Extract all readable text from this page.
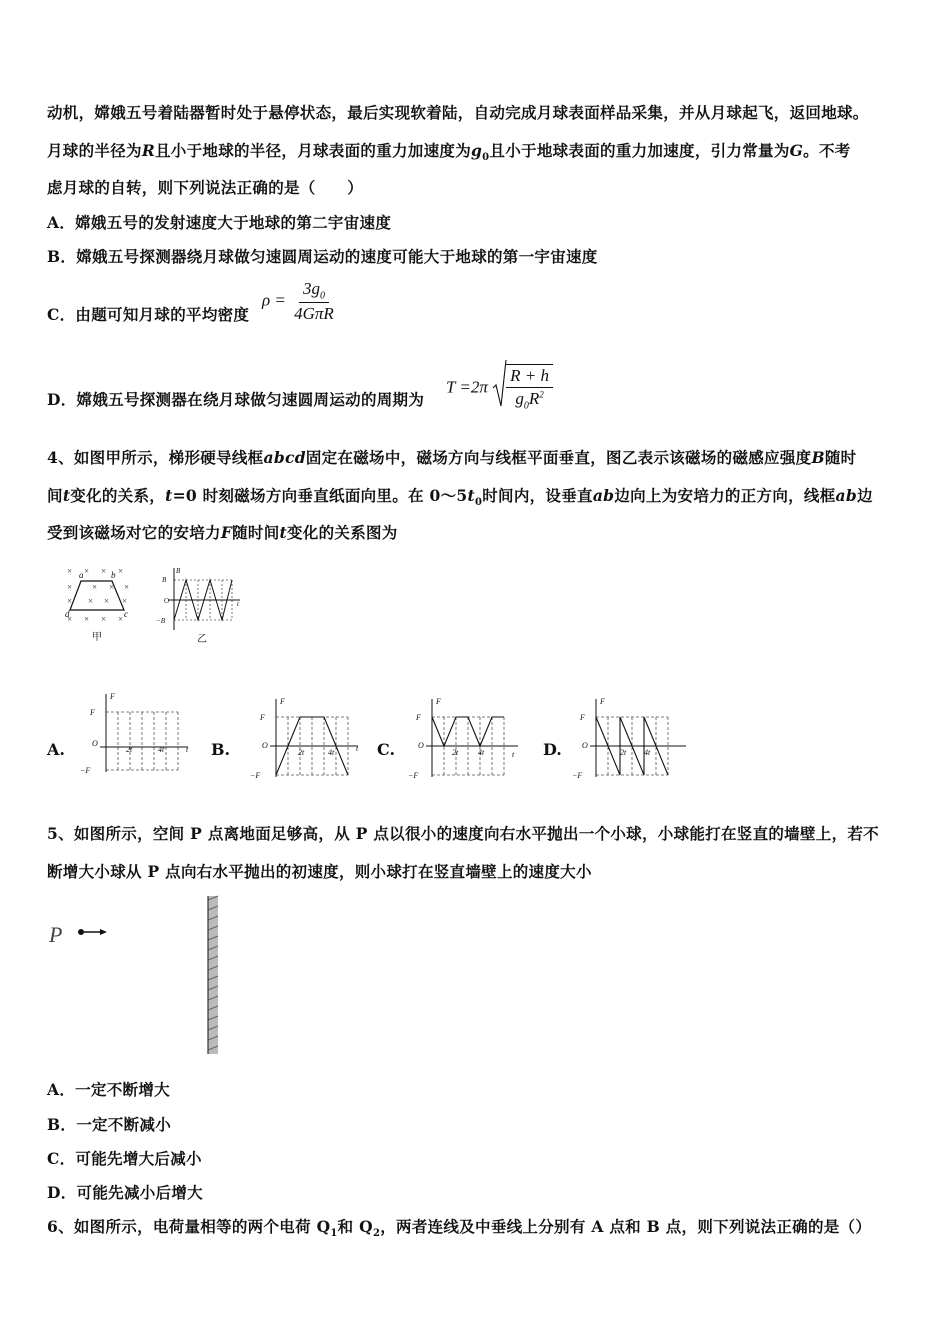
动机，嫦娥五号着陆器暂时处于悬停状态，最后实现软着陆，自动完成月球表面样品采集，并从月球起飞，返回地球。
月球的半径为R且小于地球的半径，月球表面的重力加速度为$g_0$且小于地球表面的重力加速度，引力常量为G。不考
虑月球的自转，则下列说法正确的是（　　）
A．嫦娥五号的发射速度大于地球的第二宇宙速度
B．嫦娥五号探测器绕月球做匀速圆周运动的速度可能大于地球的第一宇宙速度
C．由题可知月球的平均密度
$\rho = \frac{3g_0}{\text{4GπR}}$
D．嫦娥五号探测器在绕月球做匀速圆周运动的周期为
$T =2\pi \frac{R + h}{g_0R^2}$
4、如图甲所示，梯形硬导线框abcd固定在磁场中，磁场方向与线框平面垂直，图乙表示该磁场的磁感应强度B随时
间t变化的关系，t=0 时刻磁场方向垂直纸面向里。在 $0\sim 5t_0$时间内，设垂直ab边向上为安培力的正方向，线框ab边
受到该磁场对它的安培力F随时间t变化的关系图为
× × × ×
× × × ×
× × × ×
× × × ×
a	b
c
d
甲
B
B
O
−B
t
乙
A.
F
F
O
−F
t
2t	4t	B.
F
F
O
−F
t
2t	4t	C.
F
F
O
−F
t
2t 4t	D.
F
F
O
−F
2t 4t
5、如图所示，空间 P 点离地面足够高，从 P 点以很小的速度向右水平抛出一个小球，小球能打在竖直的墙壁上，若不
断增大小球从 P 点向右水平抛出的初速度，则小球打在竖直墙壁上的速度大小
P
A．一定不断增大
B．一定不断减小
C．可能先增大后减小
D．可能先减小后增大
6、如图所示，电荷量相等的两个电荷 $Q_1$和 $Q_2$，两者连线及中垂线上分别有 A 点和 B 点，则下列说法正确的是（）
